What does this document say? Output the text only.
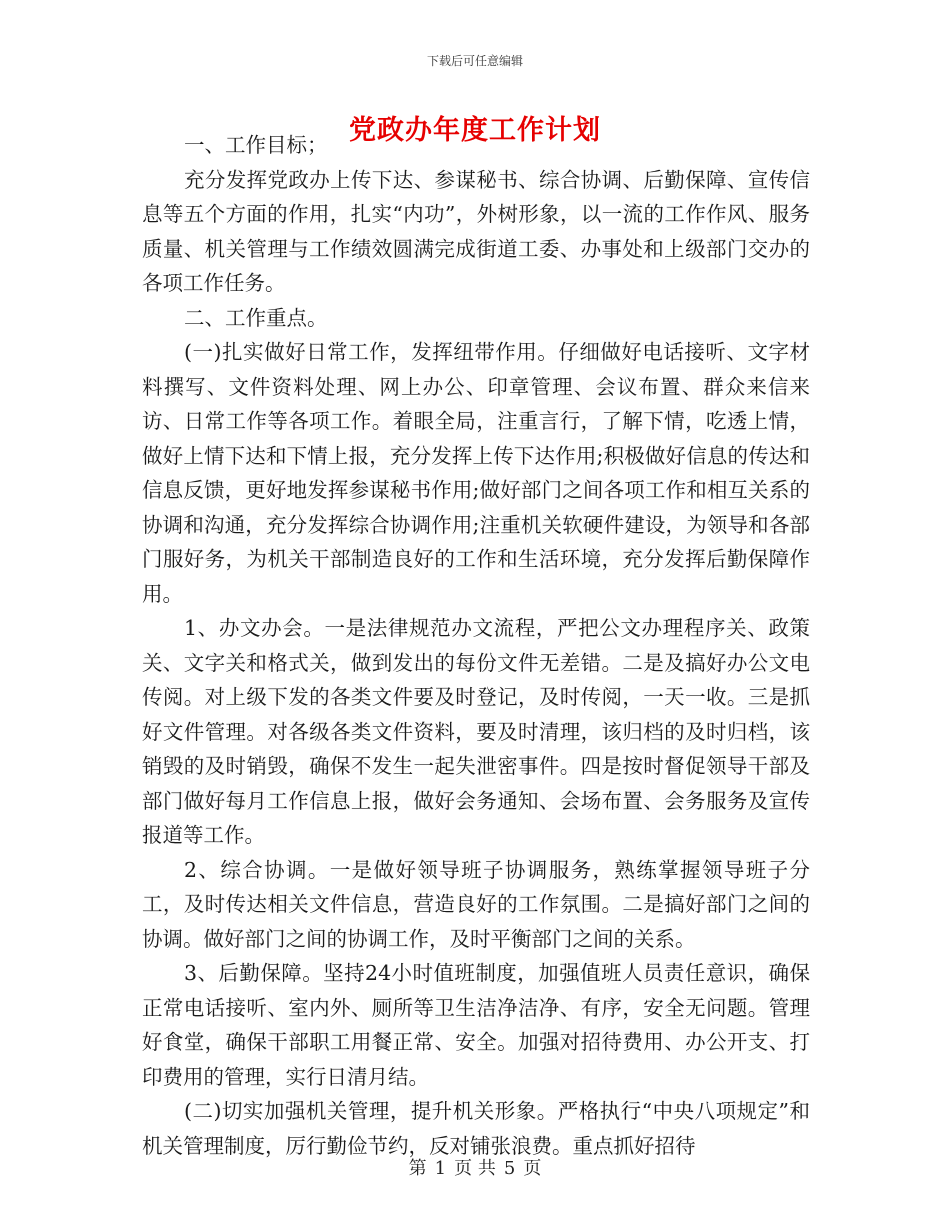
下载后可任意编辑
党政办年度工作计划

一、工作目标；

充分发挥党政办上传下达、参谋秘书、综合协调、后勤保障、宣传信息等五个方面的作用，扎实“内功”，外树形象，以一流的工作作风、服务质量、机关管理与工作绩效圆满完成街道工委、办事处和上级部门交办的各项工作任务。

二、工作重点。

(一)扎实做好日常工作，发挥纽带作用。仔细做好电话接听、文字材料撰写、文件资料处理、网上办公、印章管理、会议布置、群众来信来访、日常工作等各项工作。着眼全局，注重言行，了解下情，吃透上情，做好上情下达和下情上报，充分发挥上传下达作用;积极做好信息的传达和信息反馈，更好地发挥参谋秘书作用;做好部门之间各项工作和相互关系的协调和沟通，充分发挥综合协调作用;注重机关软硬件建设，为领导和各部门服好务，为机关干部制造良好的工作和生活环境，充分发挥后勤保障作用。

1、办文办会。一是法律规范办文流程，严把公文办理程序关、政策关、文字关和格式关，做到发出的每份文件无差错。二是及搞好办公文电传阅。对上级下发的各类文件要及时登记，及时传阅，一天一收。三是抓好文件管理。对各级各类文件资料，要及时清理，该归档的及时归档，该销毁的及时销毁，确保不发生一起失泄密事件。四是按时督促领导干部及部门做好每月工作信息上报，做好会务通知、会场布置、会务服务及宣传报道等工作。

2、综合协调。一是做好领导班子协调服务，熟练掌握领导班子分工，及时传达相关文件信息，营造良好的工作氛围。二是搞好部门之间的协调。做好部门之间的协调工作，及时平衡部门之间的关系。

3、后勤保障。坚持24小时值班制度，加强值班人员责任意识，确保正常电话接听、室内外、厕所等卫生洁净洁净、有序，安全无问题。管理好食堂，确保干部职工用餐正常、安全。加强对招待费用、办公开支、打印费用的管理，实行日清月结。

(二)切实加强机关管理，提升机关形象。严格执行“中央八项规定”和机关管理制度，厉行勤俭节约，反对铺张浪费。重点抓好招待

第 1 页 共 5 页
